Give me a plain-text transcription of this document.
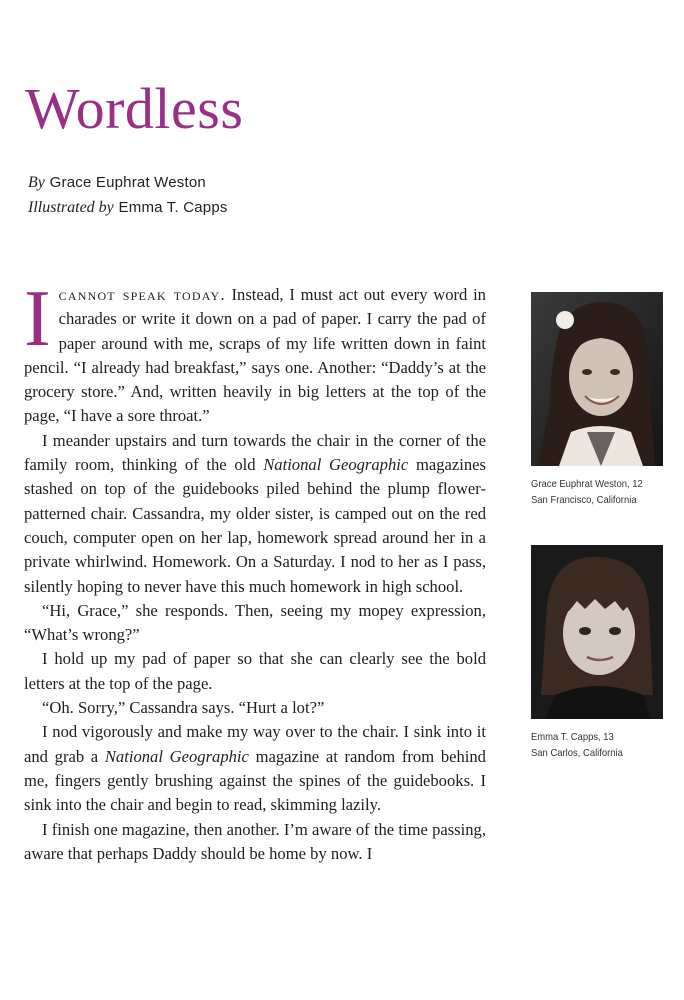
Wordless
By Grace Euphrat Weston
Illustrated by Emma T. Capps

Icannot speak today. Instead, I must act out every word in charades or write it down on a pad of paper. I carry the pad of paper around with me, scraps of my life written down in faint pencil. “I already had breakfast,” says one. Another: “Daddy’s at the grocery store.” And, written heavily in big letters at the top of the page, “I have a sore throat.”

I meander upstairs and turn towards the chair in the corner of the family room, thinking of the old National Geographic magazines stashed on top of the guidebooks piled behind the plump flower-patterned chair. Cassandra, my older sister, is camped out on the red couch, computer open on her lap, homework spread around her in a private whirlwind. Homework. On a Saturday. I nod to her as I pass, silently hoping to never have this much homework in high school.

“Hi, Grace,” she responds. Then, seeing my mopey expression, “What’s wrong?”

I hold up my pad of paper so that she can clearly see the bold letters at the top of the page.

“Oh. Sorry,” Cassandra says. “Hurt a lot?”

I nod vigorously and make my way over to the chair. I sink into it and grab a National Geographic magazine at random from behind me, fingers gently brushing against the spines of the guidebooks. I sink into the chair and begin to read, skimming lazily.

I finish one magazine, then another. I’m aware of the time passing, aware that perhaps Daddy should be home by now. I

Grace Euphrat Weston, 12
San Francisco, California
Emma T. Capps, 13
San Carlos, California
